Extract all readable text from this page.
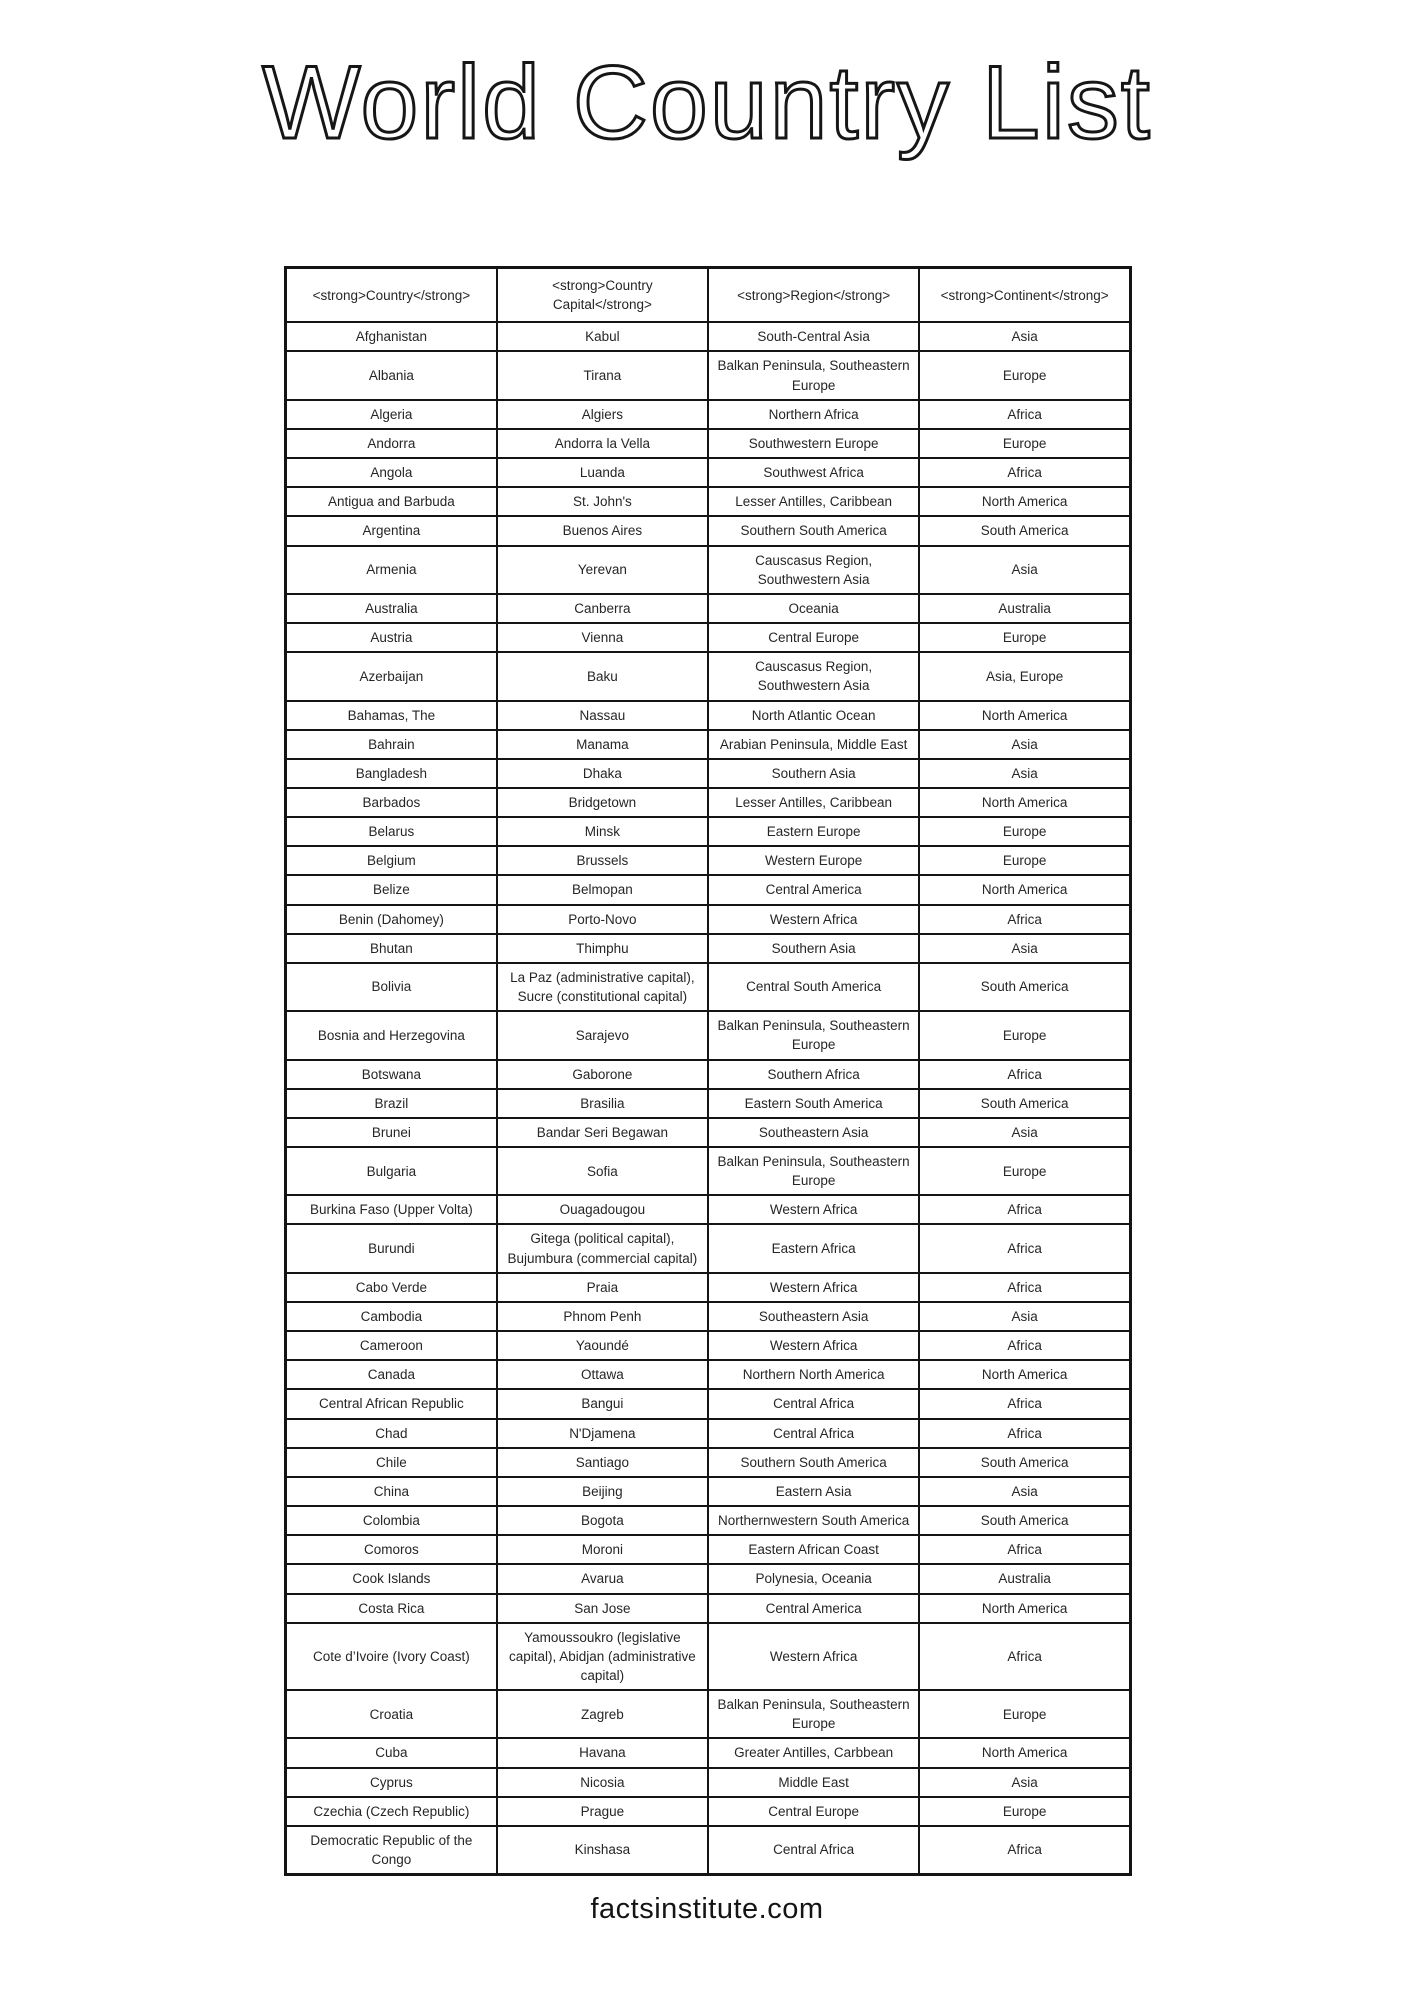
World Country List
<strong>Country</strong>	<strong>Country Capital</strong>	<strong>Region</strong>	<strong>Continent</strong>
Afghanistan	Kabul	South-Central Asia	Asia
Albania	Tirana	Balkan Peninsula, Southeastern Europe	Europe
Algeria	Algiers	Northern Africa	Africa
Andorra	Andorra la Vella	Southwestern Europe	Europe
Angola	Luanda	Southwest Africa	Africa
Antigua and Barbuda	St. John's	Lesser Antilles, Caribbean	North America
Argentina	Buenos Aires	Southern South America	South America
Armenia	Yerevan	Causcasus Region, Southwestern Asia	Asia
Australia	Canberra	Oceania	Australia
Austria	Vienna	Central Europe	Europe
Azerbaijan	Baku	Causcasus Region, Southwestern Asia	Asia, Europe
Bahamas, The	Nassau	North Atlantic Ocean	North America
Bahrain	Manama	Arabian Peninsula, Middle East	Asia
Bangladesh	Dhaka	Southern Asia	Asia
Barbados	Bridgetown	Lesser Antilles, Caribbean	North America
Belarus	Minsk	Eastern Europe	Europe
Belgium	Brussels	Western Europe	Europe
Belize	Belmopan	Central America	North America
Benin (Dahomey)	Porto-Novo	Western Africa	Africa
Bhutan	Thimphu	Southern Asia	Asia
Bolivia	La Paz (administrative capital), Sucre (constitutional capital)	Central South America	South America
Bosnia and Herzegovina	Sarajevo	Balkan Peninsula, Southeastern Europe	Europe
Botswana	Gaborone	Southern Africa	Africa
Brazil	Brasilia	Eastern South America	South America
Brunei	Bandar Seri Begawan	Southeastern Asia	Asia
Bulgaria	Sofia	Balkan Peninsula, Southeastern Europe	Europe
Burkina Faso (Upper Volta)	Ouagadougou	Western Africa	Africa
Burundi	Gitega (political capital), Bujumbura (commercial capital)	Eastern Africa	Africa
Cabo Verde	Praia	Western Africa	Africa
Cambodia	Phnom Penh	Southeastern Asia	Asia
Cameroon	Yaoundé	Western Africa	Africa
Canada	Ottawa	Northern North America	North America
Central African Republic	Bangui	Central Africa	Africa
Chad	N'Djamena	Central Africa	Africa
Chile	Santiago	Southern South America	South America
China	Beijing	Eastern Asia	Asia
Colombia	Bogota	Northernwestern South America	South America
Comoros	Moroni	Eastern African Coast	Africa
Cook Islands	Avarua	Polynesia, Oceania	Australia
Costa Rica	San Jose	Central America	North America
Cote d’Ivoire (Ivory Coast)	Yamoussoukro (legislative capital), Abidjan (administrative capital)	Western Africa	Africa
Croatia	Zagreb	Balkan Peninsula, Southeastern Europe	Europe
Cuba	Havana	Greater Antilles, Carbbean	North America
Cyprus	Nicosia	Middle East	Asia
Czechia (Czech Republic)	Prague	Central Europe	Europe
Democratic Republic of the Congo	Kinshasa	Central Africa	Africa
factsinstitute.com
